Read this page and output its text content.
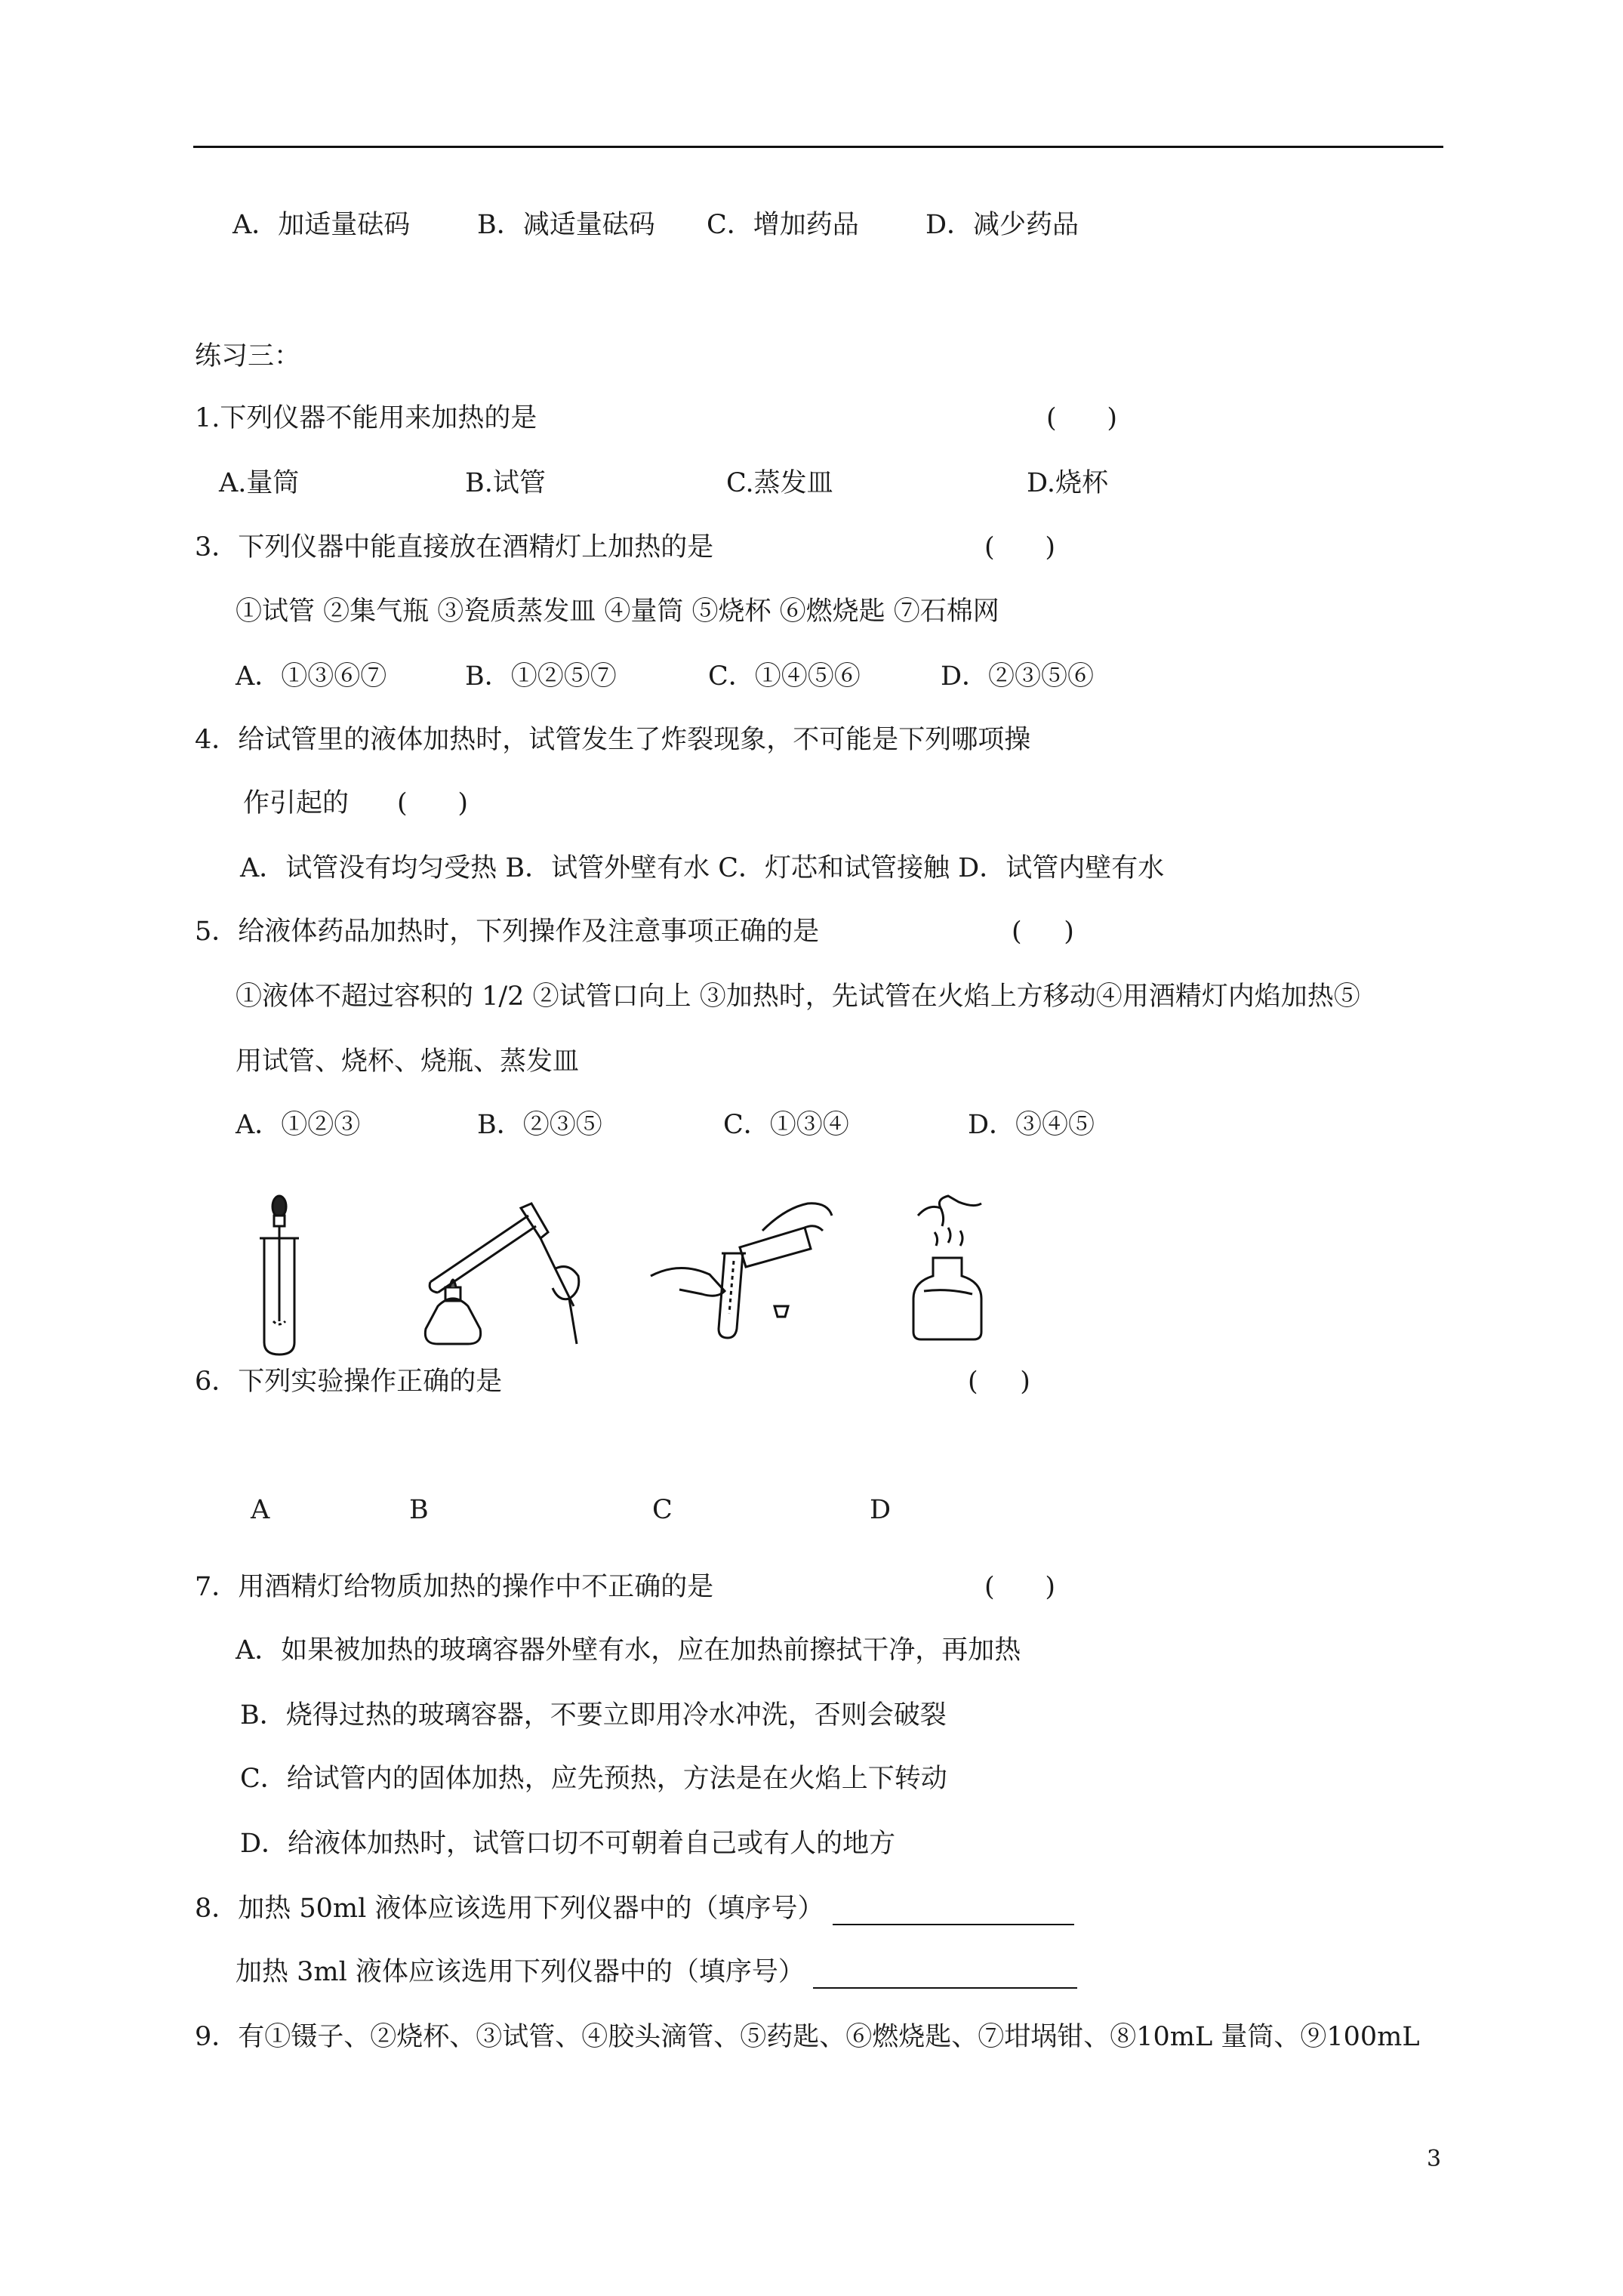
A．加适量砝码	B．减适量砝码 C．增加药品	D．减少药品
练习三：
1.下列仪器不能用来加热的是	(      )
A.量筒	B.试管	C.蒸发皿	D.烧杯
3．下列仪器中能直接放在酒精灯上加热的是	(      )
①试管 ②集气瓶 ③瓷质蒸发皿 ④量筒 ⑤烧杯 ⑥燃烧匙 ⑦石棉网
A．①③⑥⑦	B．①②⑤⑦	C．①④⑤⑥	D．②③⑤⑥
4．给试管里的液体加热时，试管发生了炸裂现象，不可能是下列哪项操
作引起的 (      )
A．试管没有均匀受热 B．试管外壁有水 C．灯芯和试管接触 D．试管内壁有水
5．给液体药品加热时，下列操作及注意事项正确的是	(     )
①液体不超过容积的 1/2 ②试管口向上 ③加热时，先试管在火焰上方移动④用酒精灯内焰加热⑤
用试管、烧杯、烧瓶、蒸发皿
A．①②③	B．②③⑤	C．①③④	D．③④⑤
6．下列实验操作正确的是	(     )
A	B	C	D
7．用酒精灯给物质加热的操作中不正确的是	(      )
A．如果被加热的玻璃容器外壁有水，应在加热前擦拭干净，再加热
B．烧得过热的玻璃容器，不要立即用冷水冲洗，否则会破裂
C．给试管内的固体加热，应先预热，方法是在火焰上下转动
D．给液体加热时，试管口切不可朝着自己或有人的地方
8．加热 50ml 液体应该选用下列仪器中的（填序号）
加热 3ml 液体应该选用下列仪器中的（填序号）
9．有①镊子、②烧杯、③试管、④胶头滴管、⑤药匙、⑥燃烧匙、⑦坩埚钳、⑧10mL 量筒、⑨100mL
3
